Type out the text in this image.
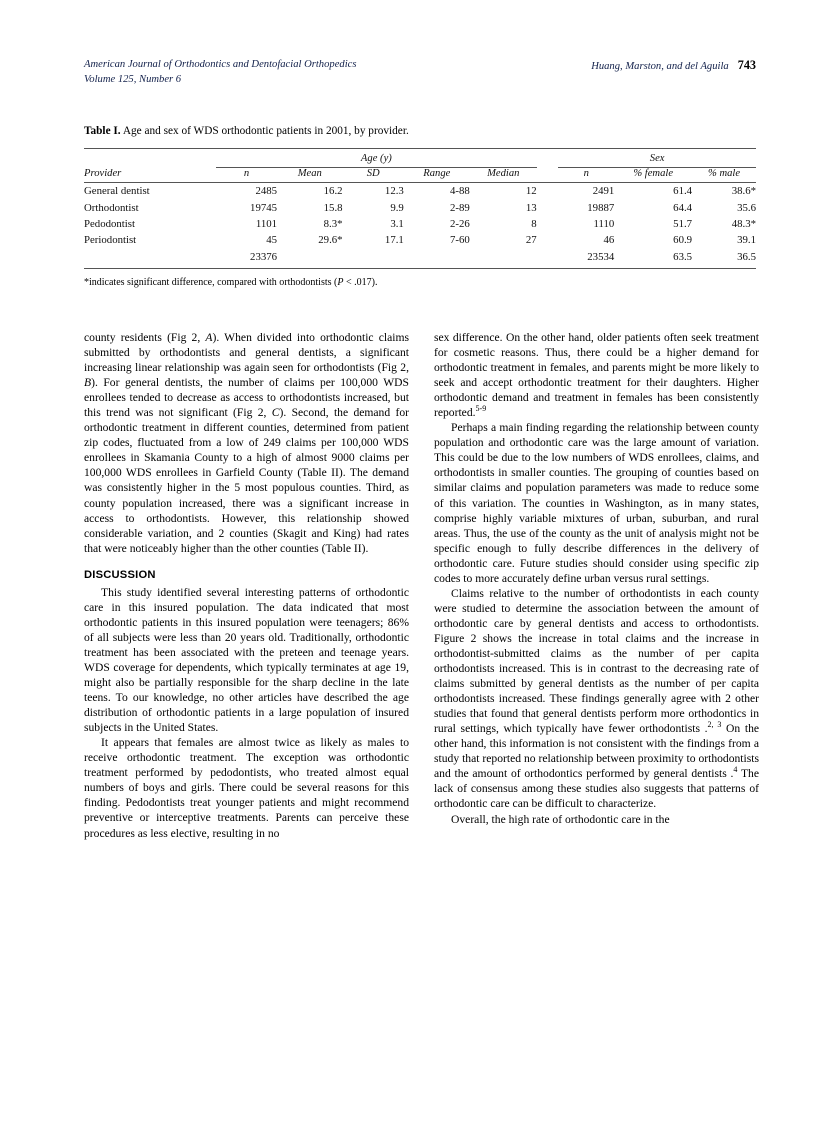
American Journal of Orthodontics and Dentofacial Orthopedics
Volume 125, Number 6
Huang, Marston, and del Aguila 743
Table I. Age and sex of WDS orthodontic patients in 2001, by provider.

	Age (y)						Sex		

Provider	n	Mean	SD	Range	Median		n	% female	% male

General dentist	2485	16.2	12.3	4-88	12		2491	61.4	38.6*
Orthodontist	19745	15.8	9.9	2-89	13		19887	64.4	35.6
Pedodontist	1101	8.3*	3.1	2-26	8		1110	51.7	48.3*
Periodontist	45	29.6*	17.1	7-60	27		46	60.9	39.1
	23376						23534	63.5	36.5

*indicates significant difference, compared with orthodontists (P < .017).

county residents (Fig 2, A). When divided into orthodontic claims submitted by orthodontists and general dentists, a significant increasing linear relationship was again seen for orthodontists (Fig 2, B). For general dentists, the number of claims per 100,000 WDS enrollees tended to decrease as access to orthodontists increased, but this trend was not significant (Fig 2, C). Second, the demand for orthodontic treatment in different counties, determined from patient zip codes, fluctuated from a low of 249 claims per 100,000 WDS enrollees in Skamania County to a high of almost 9000 claims per 100,000 WDS enrollees in Garfield County (Table II). The demand was consistently higher in the 5 most populous counties. Third, as county population increased, there was a significant increase in access to orthodontists. However, this relationship showed considerable variation, and 2 counties (Skagit and King) had rates that were noticeably higher than the other counties (Table II).

DISCUSSION

This study identified several interesting patterns of orthodontic care in this insured population. The data indicated that most orthodontic patients in this insured population were teenagers; 86% of all subjects were less than 20 years old. Traditionally, orthodontic treatment has been associated with the preteen and teenage years. WDS coverage for dependents, which typically terminates at age 19, might also be partially responsible for the sharp decline in the late teens. To our knowledge, no other articles have described the age distribution of orthodontic patients in a large population of insured subjects in the United States.

It appears that females are almost twice as likely as males to receive orthodontic treatment. The exception was orthodontic treatment performed by pedodontists, who treated almost equal numbers of boys and girls. There could be several reasons for this finding. Pedodontists treat younger patients and might recommend preventive or interceptive treatments. Parents can perceive these procedures as less elective, resulting in no

sex difference. On the other hand, older patients often seek treatment for cosmetic reasons. Thus, there could be a higher demand for orthodontic treatment in females, and parents might be more likely to seek and accept orthodontic treatment for their daughters. Higher orthodontic demand and treatment in females has been consistently reported.$^{5-9}$

Perhaps a main finding regarding the relationship between county population and orthodontic care was the large amount of variation. This could be due to the low numbers of WDS enrollees, claims, and orthodontists in smaller counties. The grouping of counties based on similar claims and population parameters was made to reduce some of this variation. The counties in Washington, as in many states, comprise highly variable mixtures of urban, suburban, and rural areas. Thus, the use of the county as the unit of analysis might not be specific enough to fully describe differences in the delivery of orthodontic care. Future studies should consider using specific zip codes to more accurately define urban versus rural settings.

Claims relative to the number of orthodontists in each county were studied to determine the association between the amount of orthodontic care by general dentists and access to orthodontists. Figure 2 shows the increase in total claims and the increase in orthodontist-submitted claims as the number of per capita orthodontists increased. This is in contrast to the decreasing rate of claims submitted by general dentists as the number of per capita orthodontists increased. These findings generally agree with 2 other studies that found that general dentists perform more orthodontics in rural settings, which typically have fewer orthodontists .$^{2, 3}$ On the other hand, this information is not consistent with the findings from a study that reported no relationship between proximity to orthodontists and the amount of orthodontics performed by general dentists .$^4$ The lack of consensus among these studies also suggests that patterns of orthodontic care can be difficult to characterize.

Overall, the high rate of orthodontic care in the
